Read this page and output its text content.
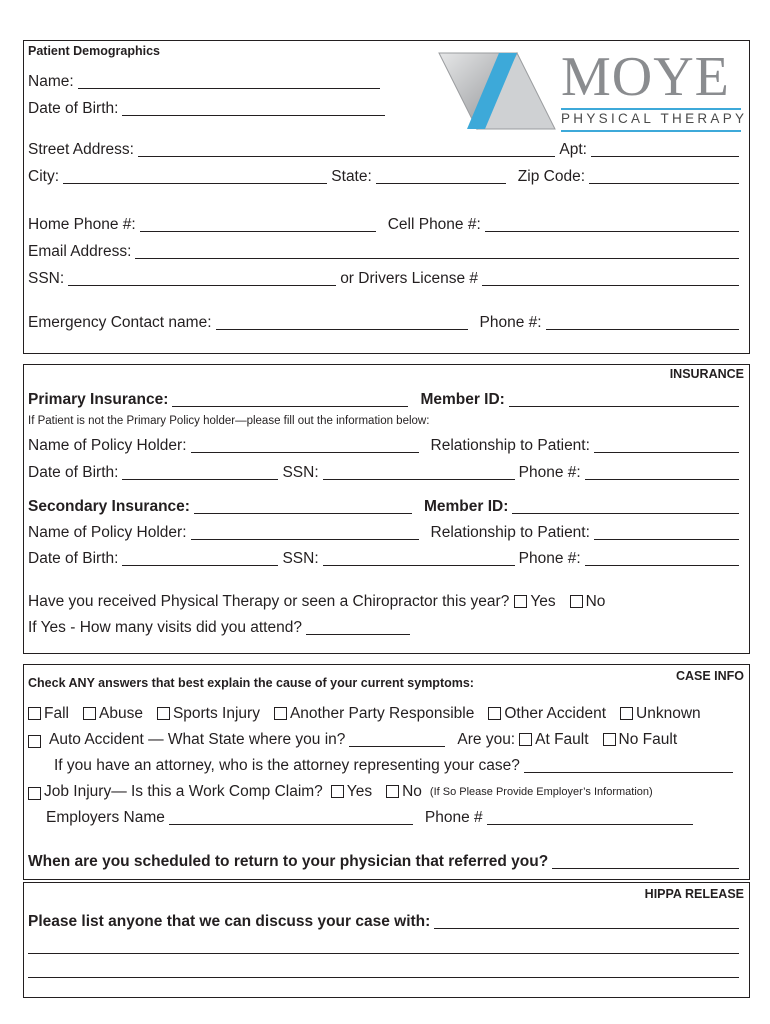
Patient Demographics	MOYE
PHYSICAL THERAPY
Name:
Date of Birth:
Street Address:	Apt:
City:	State:	Zip Code:
Home Phone #:	Cell Phone #:
Email Address:
SSN:	or Drivers License #
Emergency Contact name:	Phone #:
INSURANCE
Primary Insurance:	Member ID:
If Patient is not the Primary Policy holder—please fill out the information below:
Name of Policy Holder:	Relationship to Patient:
Date of Birth:	SSN:	Phone #:
Secondary Insurance:	Member ID:
Name of Policy Holder:	Relationship to Patient:
Date of Birth:	SSN:	Phone #:
Have you received Physical Therapy or seen a Chiropractor this year? Yes No
If Yes - How many visits did you attend?
CASE INFO
Check ANY answers that best explain the cause of your current symptoms:
Fall Abuse Sports Injury Another Party Responsible Other Accident Unknown
Auto Accident — What State where you in?	Are you: At Fault No Fault
If you have an attorney, who is the attorney representing your case?
Job Injury— Is this a Work Comp Claim? Yes No (If So Please Provide Employer’s Information)
Employers Name	Phone #
When are you scheduled to return to your physician that referred you?
HIPPA RELEASE
Please list anyone that we can discuss your case with:
